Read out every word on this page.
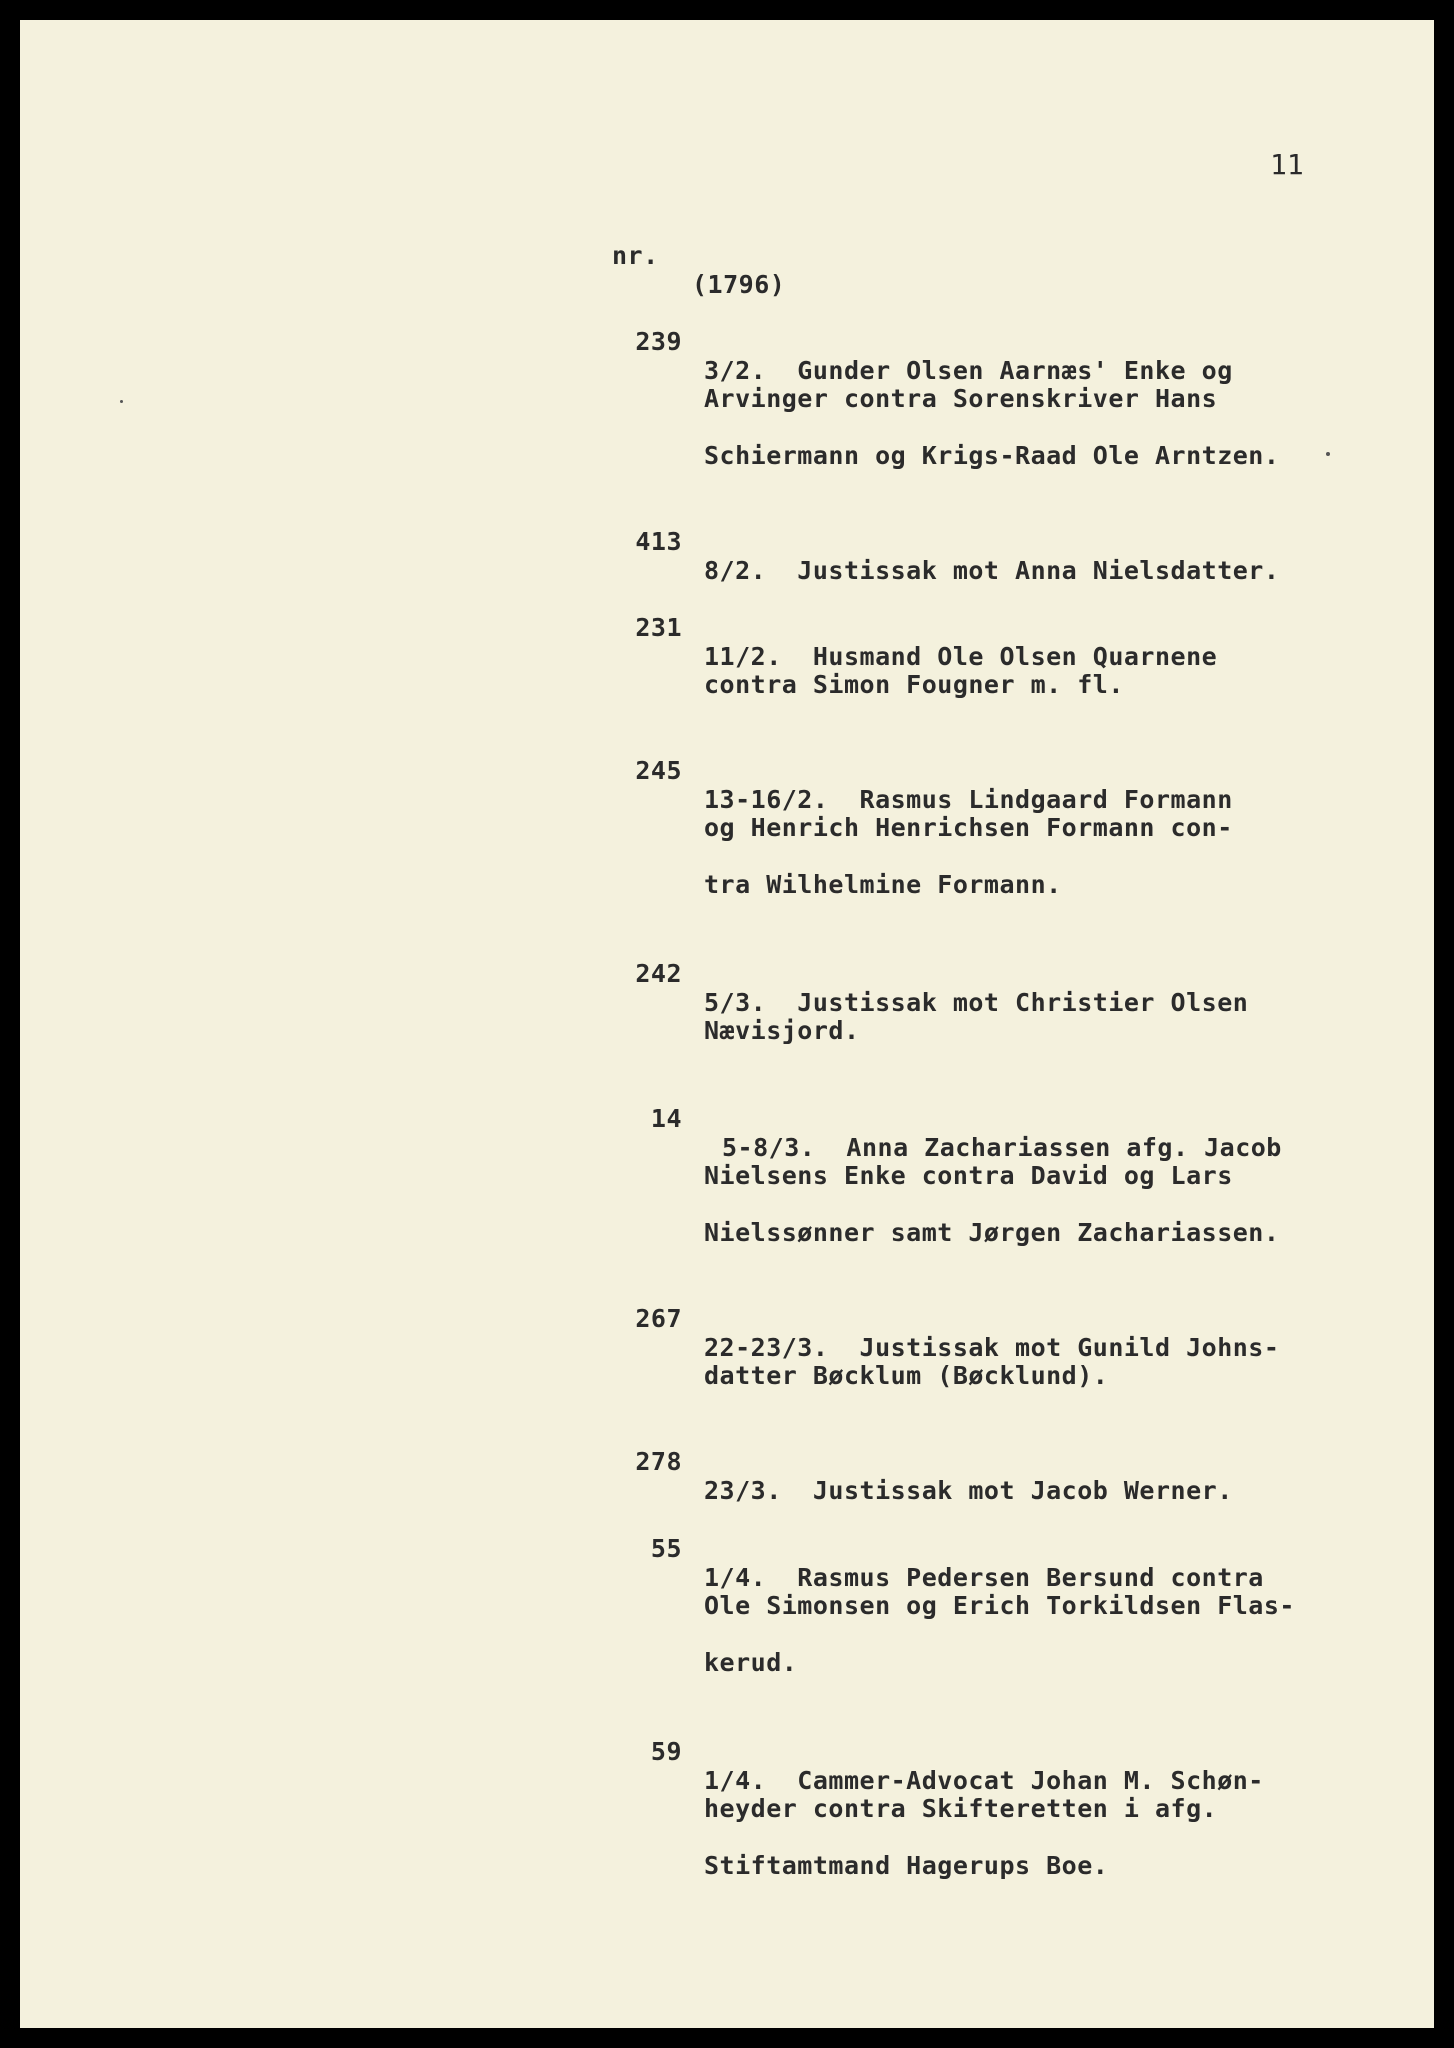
11

nr.

(1796)

239

3/2.  Gunder Olsen Aarnæs' Enke og

Arvinger contra Sorenskriver Hans

Schiermann og Krigs-Raad Ole Arntzen.

413

8/2.  Justissak mot Anna Nielsdatter.

231

11/2.  Husmand Ole Olsen Quarnene

contra Simon Fougner m. fl.

245

13-16/2.  Rasmus Lindgaard Formann

og Henrich Henrichsen Formann con-

tra Wilhelmine Formann.

242

5/3.  Justissak mot Christier Olsen

Nævisjord.

14

5-8/3.  Anna Zachariassen afg. Jacob

Nielsens Enke contra David og Lars

Nielssønner samt Jørgen Zachariassen.

267

22-23/3.  Justissak mot Gunild Johns-

datter Bøcklum (Bøcklund).

278

23/3.  Justissak mot Jacob Werner.

55

1/4.  Rasmus Pedersen Bersund contra

Ole Simonsen og Erich Torkildsen Flas-

kerud.

59

1/4.  Cammer-Advocat Johan M. Schøn-

heyder contra Skifteretten i afg.

Stiftamtmand Hagerups Boe.
